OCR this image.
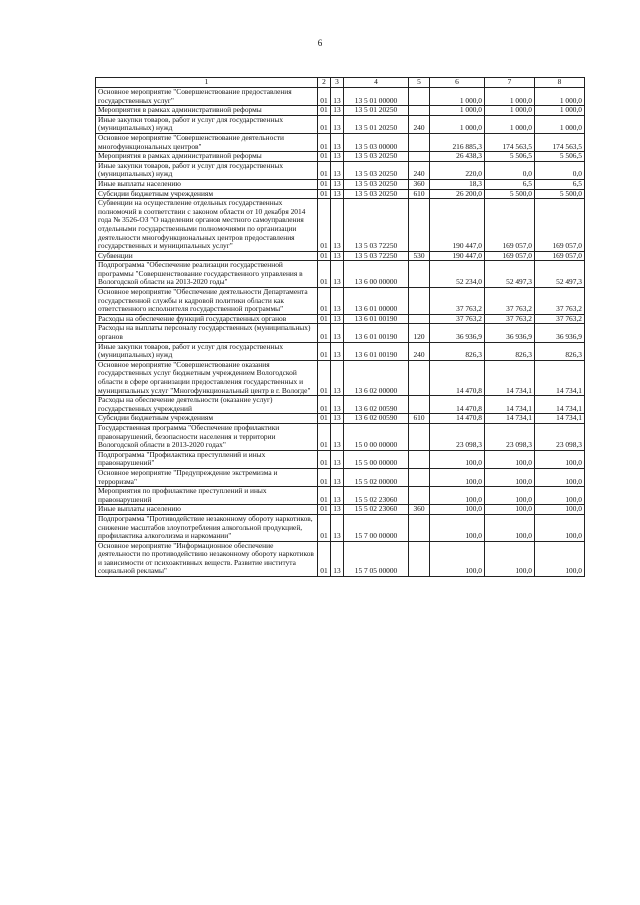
6
1	2	3	4	5	6	7	8
Основное мероприятие "Совершенствование предоставления государственных услуг"	01	13	13 5 01 00000		1 000,0	1 000,0	1 000,0
Мероприятия в рамках административной реформы	01	13	13 5 01 20250		1 000,0	1 000,0	1 000,0
Иные закупки товаров, работ и услуг для государственных (муниципальных) нужд	01	13	13 5 01 20250	240	1 000,0	1 000,0	1 000,0
Основное мероприятие "Совершенствование деятельности многофункциональных центров"	01	13	13 5 03 00000		216 885,3	174 563,5	174 563,5
Мероприятия в рамках административной реформы	01	13	13 5 03 20250		26 438,3	5 506,5	5 506,5
Иные закупки товаров, работ и услуг для государственных (муниципальных) нужд	01	13	13 5 03 20250	240	220,0	0,0	0,0
Иные выплаты населению	01	13	13 5 03 20250	360	18,3	6,5	6,5
Субсидии бюджетным учреждениям	01	13	13 5 03 20250	610	26 200,0	5 500,0	5 500,0
Субвенции на осуществление отдельных государственных полномочий в соответствии с законом области от 10 декабря 2014 года № 3526-ОЗ "О наделении органов местного самоуправления отдельными государственными полномочиями по организации деятельности многофункциональных центров предоставления государственных и муниципальных услуг"	01	13	13 5 03 72250		190 447,0	169 057,0	169 057,0
Субвенции	01	13	13 5 03 72250	530	190 447,0	169 057,0	169 057,0
Подпрограмма "Обеспечение реализации государственной программы "Совершенствование государственного управления в Вологодской области на 2013-2020 годы"	01	13	13 6 00 00000		52 234,0	52 497,3	52 497,3
Основное мероприятие "Обеспечение деятельности Департамента государственной службы и кадровой политики области как ответственного исполнителя государственной программы"	01	13	13 6 01 00000		37 763,2	37 763,2	37 763,2
Расходы на обеспечение функций государственных органов	01	13	13 6 01 00190		37 763,2	37 763,2	37 763,2
Расходы на выплаты персоналу государственных (муниципальных) органов	01	13	13 6 01 00190	120	36 936,9	36 936,9	36 936,9
Иные закупки товаров, работ и услуг для государственных (муниципальных) нужд	01	13	13 6 01 00190	240	826,3	826,3	826,3
Основное мероприятие "Совершенствование оказания государственных услуг бюджетным учреждением Вологодской области в сфере организации предоставления государственных и муниципальных услуг "Многофункциональный центр в г. Вологде"	01	13	13 6 02 00000		14 470,8	14 734,1	14 734,1
Расходы на обеспечение деятельности (оказание услуг) государственных учреждений	01	13	13 6 02 00590		14 470,8	14 734,1	14 734,1
Субсидии бюджетным учреждениям	01	13	13 6 02 00590	610	14 470,8	14 734,1	14 734,1
Государственная программа "Обеспечение профилактики правонарушений, безопасности населения и территории Вологодской области в 2013-2020 годах"	01	13	15 0 00 00000		23 098,3	23 098,3	23 098,3
Подпрограмма "Профилактика преступлений и иных правонарушений"	01	13	15 5 00 00000		100,0	100,0	100,0
Основное мероприятие "Предупреждение экстремизма и терроризма"	01	13	15 5 02 00000		100,0	100,0	100,0
Мероприятия по профилактике преступлений и иных правонарушений	01	13	15 5 02 23060		100,0	100,0	100,0
Иные выплаты населению	01	13	15 5 02 23060	360	100,0	100,0	100,0
Подпрограмма "Противодействие незаконному обороту наркотиков, снижение масштабов злоупотребления алкогольной продукцией, профилактика алкоголизма и наркомании"	01	13	15 7 00 00000		100,0	100,0	100,0
Основное мероприятие "Информационное обеспечение деятельности по противодействию незаконному обороту наркотиков и зависимости от психоактивных веществ. Развитие института социальной рекламы"	01	13	15 7 05 00000		100,0	100,0	100,0
